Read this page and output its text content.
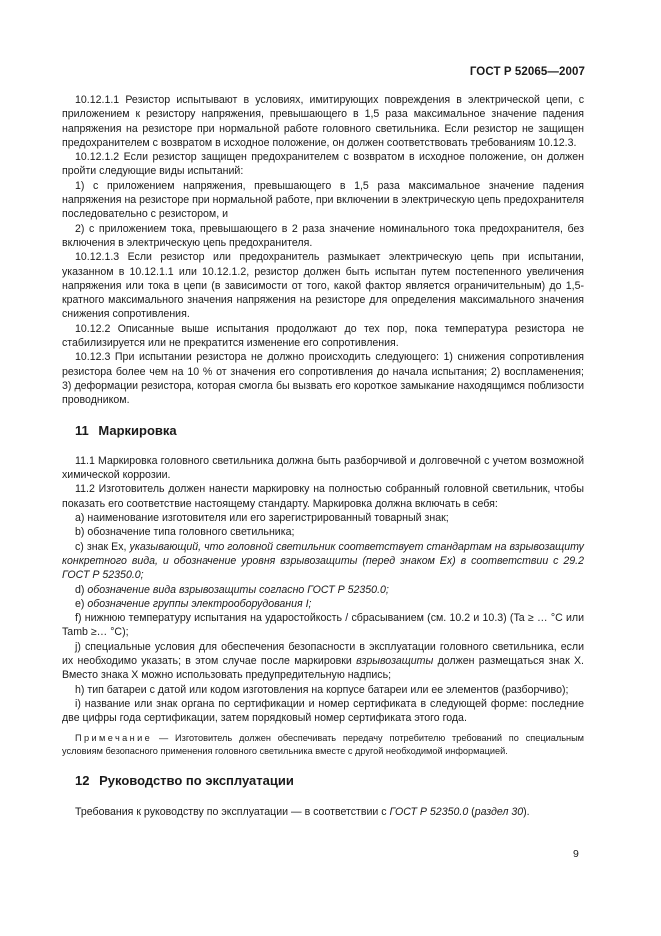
ГОСТ Р 52065—2007

10.12.1.1 Резистор испытывают в условиях, имитирующих повреждения в электрической цепи, с приложением к резистору напряжения, превышающего в 1,5 раза максимальное значение падения напряжения на резисторе при нормальной работе головного светильника. Если резистор не защищен предохранителем с возвратом в исходное положение, он должен соответствовать требованиям 10.12.3.

10.12.1.2 Если резистор защищен предохранителем с возвратом в исходное положение, он должен пройти следующие виды испытаний:

1) с приложением напряжения, превышающего в 1,5 раза максимальное значение падения напряжения на резисторе при нормальной работе, при включении в электрическую цепь предохранителя последовательно с резистором, и

2) с приложением тока, превышающего в 2 раза значение номинального тока предохранителя, без включения в электрическую цепь предохранителя.

10.12.1.3 Если резистор или предохранитель размыкает электрическую цепь при испытании, указанном в 10.12.1.1 или 10.12.1.2, резистор должен быть испытан путем постепенного увеличения напряжения или тока в цепи (в зависимости от того, какой фактор является ограничительным) до 1,5-кратного максимального значения напряжения на резисторе для определения максимального значения снижения сопротивления.

10.12.2 Описанные выше испытания продолжают до тех пор, пока температура резистора не стабилизируется или не прекратится изменение его сопротивления.

10.12.3 При испытании резистора не должно происходить следующего: 1) снижения сопротивления резистора более чем на 10 % от значения его сопротивления до начала испытания; 2) воспламенения; 3) деформации резистора, которая смогла бы вызвать его короткое замыкание находящимся поблизости проводником.

11 Маркировка

11.1 Маркировка головного светильника должна быть разборчивой и долговечной с учетом возможной химической коррозии.

11.2 Изготовитель должен нанести маркировку на полностью собранный головной светильник, чтобы показать его соответствие настоящему стандарту. Маркировка должна включать в себя:

a) наименование изготовителя или его зарегистрированный товарный знак;

b) обозначение типа головного светильника;

c) знак Ex, указывающий, что головной светильник соответствует стандартам на взрывозащиту конкретного вида, и обозначение уровня взрывозащиты (перед знаком Ex) в соответствии с 29.2 ГОСТ Р 52350.0;

d) обозначение вида взрывозащиты согласно ГОСТ Р 52350.0;

e) обозначение группы электрооборудования I;

f) нижнюю температуру испытания на ударостойкость / сбрасыванием (см. 10.2 и 10.3) (Ta ≥ … °C или Tamb ≥… °C);

j) специальные условия для обеспечения безопасности в эксплуатации головного светильника, если их необходимо указать; в этом случае после маркировки взрывозащиты должен размещаться знак Х. Вместо знака Х можно использовать предупредительную надпись;

h) тип батареи с датой или кодом изготовления на корпусе батареи или ее элементов (разборчиво);

i) название или знак органа по сертификации и номер сертификата в следующей форме: последние две цифры года сертификации, затем порядковый номер сертификата этого года.

Примечание — Изготовитель должен обеспечивать передачу потребителю требований по специальным условиям безопасного применения головного светильника вместе с другой необходимой информацией.

12 Руководство по эксплуатации

Требования к руководству по эксплуатации — в соответствии с ГОСТ Р 52350.0 (раздел 30).

9
